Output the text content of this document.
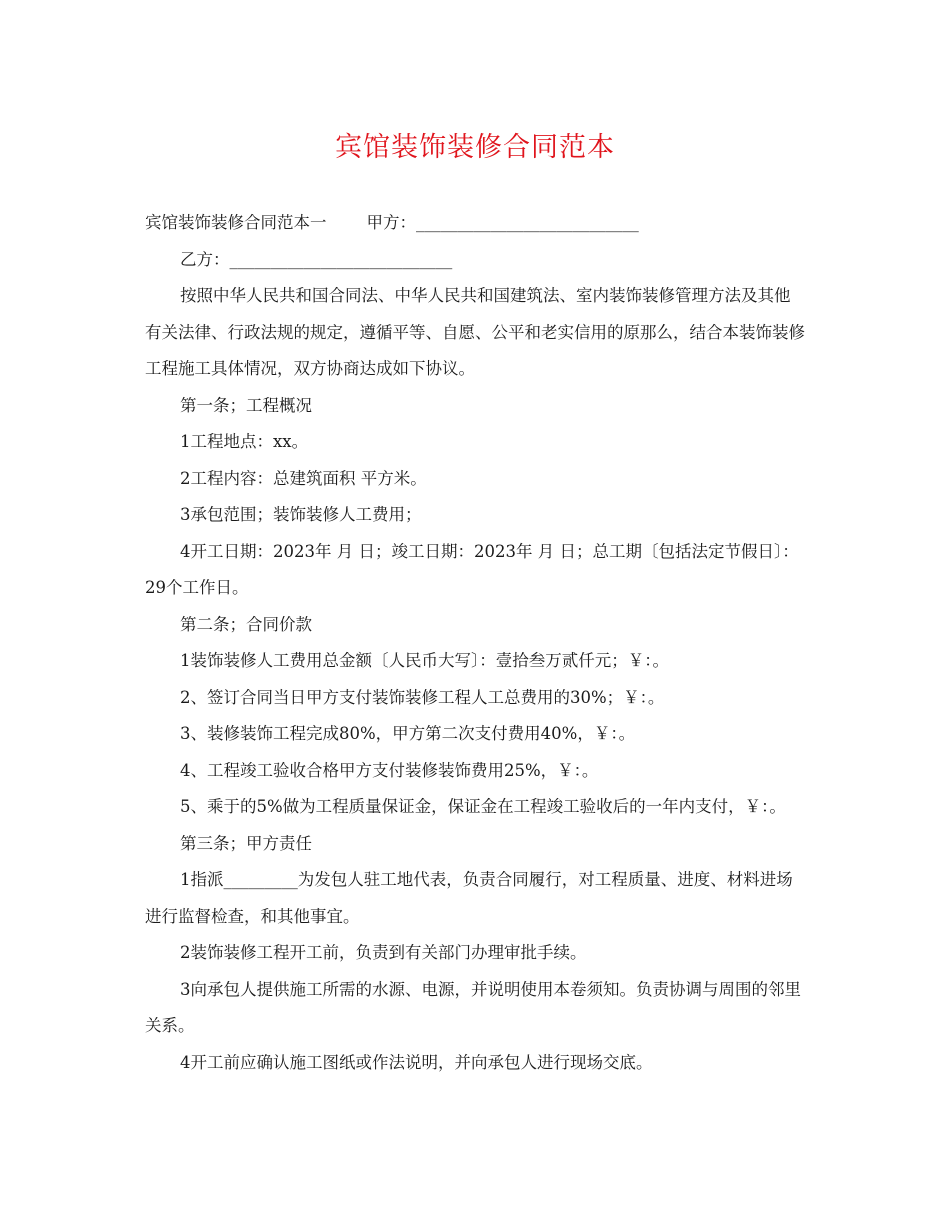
宾馆装饰装修合同范本

宾馆装饰装修合同范本一 甲方：___________________________

乙方：___________________________

按照中华人民共和国合同法、中华人民共和国建筑法、室内装饰装修管理方法及其他有关法律、行政法规的规定，遵循平等、自愿、公平和老实信用的原那么，结合本装饰装修工程施工具体情况，双方协商达成如下协议。

第一条；工程概况

1工程地点：xx。

2工程内容：总建筑面积 平方米。

3承包范围；装饰装修人工费用；

4开工日期：2023年 月 日；竣工日期：2023年 月 日；总工期〔包括法定节假日〕：29个工作日。

第二条；合同价款

1装饰装修人工费用总金额〔人民币大写〕：壹拾叁万贰仟元；￥：。

2、签订合同当日甲方支付装饰装修工程人工总费用的30%；￥：。

3、装修装饰工程完成80%，甲方第二次支付费用40%，￥：。

4、工程竣工验收合格甲方支付装修装饰费用25%，￥：。

5、乘于的5%做为工程质量保证金，保证金在工程竣工验收后的一年内支付，￥：。

第三条；甲方责任

1指派_________为发包人驻工地代表，负责合同履行，对工程质量、进度、材料进场进行监督检查，和其他事宜。

2装饰装修工程开工前，负责到有关部门办理审批手续。

3向承包人提供施工所需的水源、电源，并说明使用本卷须知。负责协调与周围的邻里关系。

4开工前应确认施工图纸或作法说明，并向承包人进行现场交底。
